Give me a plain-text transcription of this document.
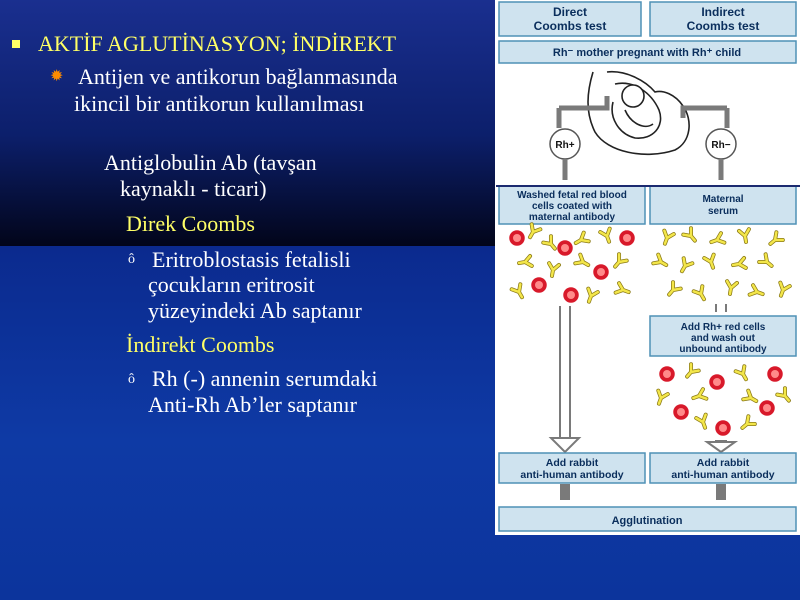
AKTİF AGLUTİNASYON; İNDİREKT
✹ Antijen ve antikorun bağlanmasında
ikincil bir antikorun kullanılması
Antiglobulin Ab (tavşan
kaynaklı - ticari)
Direk Coombs
ô Eritroblostasis fetalisli
çocukların eritrosit
yüzeyindeki Ab saptanır
İndirekt Coombs
ô Rh (-) annenin serumdaki
Anti-Rh Ab’ler saptanır
Direct
Coombs test
Indirect
Coombs test
Rh⁻ mother pregnant with Rh⁺ child
Rh+	Rh−
Washed fetal red blood
cells coated with
maternal antibody
Maternal
serum
Add Rh+ red cells
and wash out
unbound antibody
Add rabbit
anti-human antibody
Add rabbit
anti-human antibody
Agglutination
